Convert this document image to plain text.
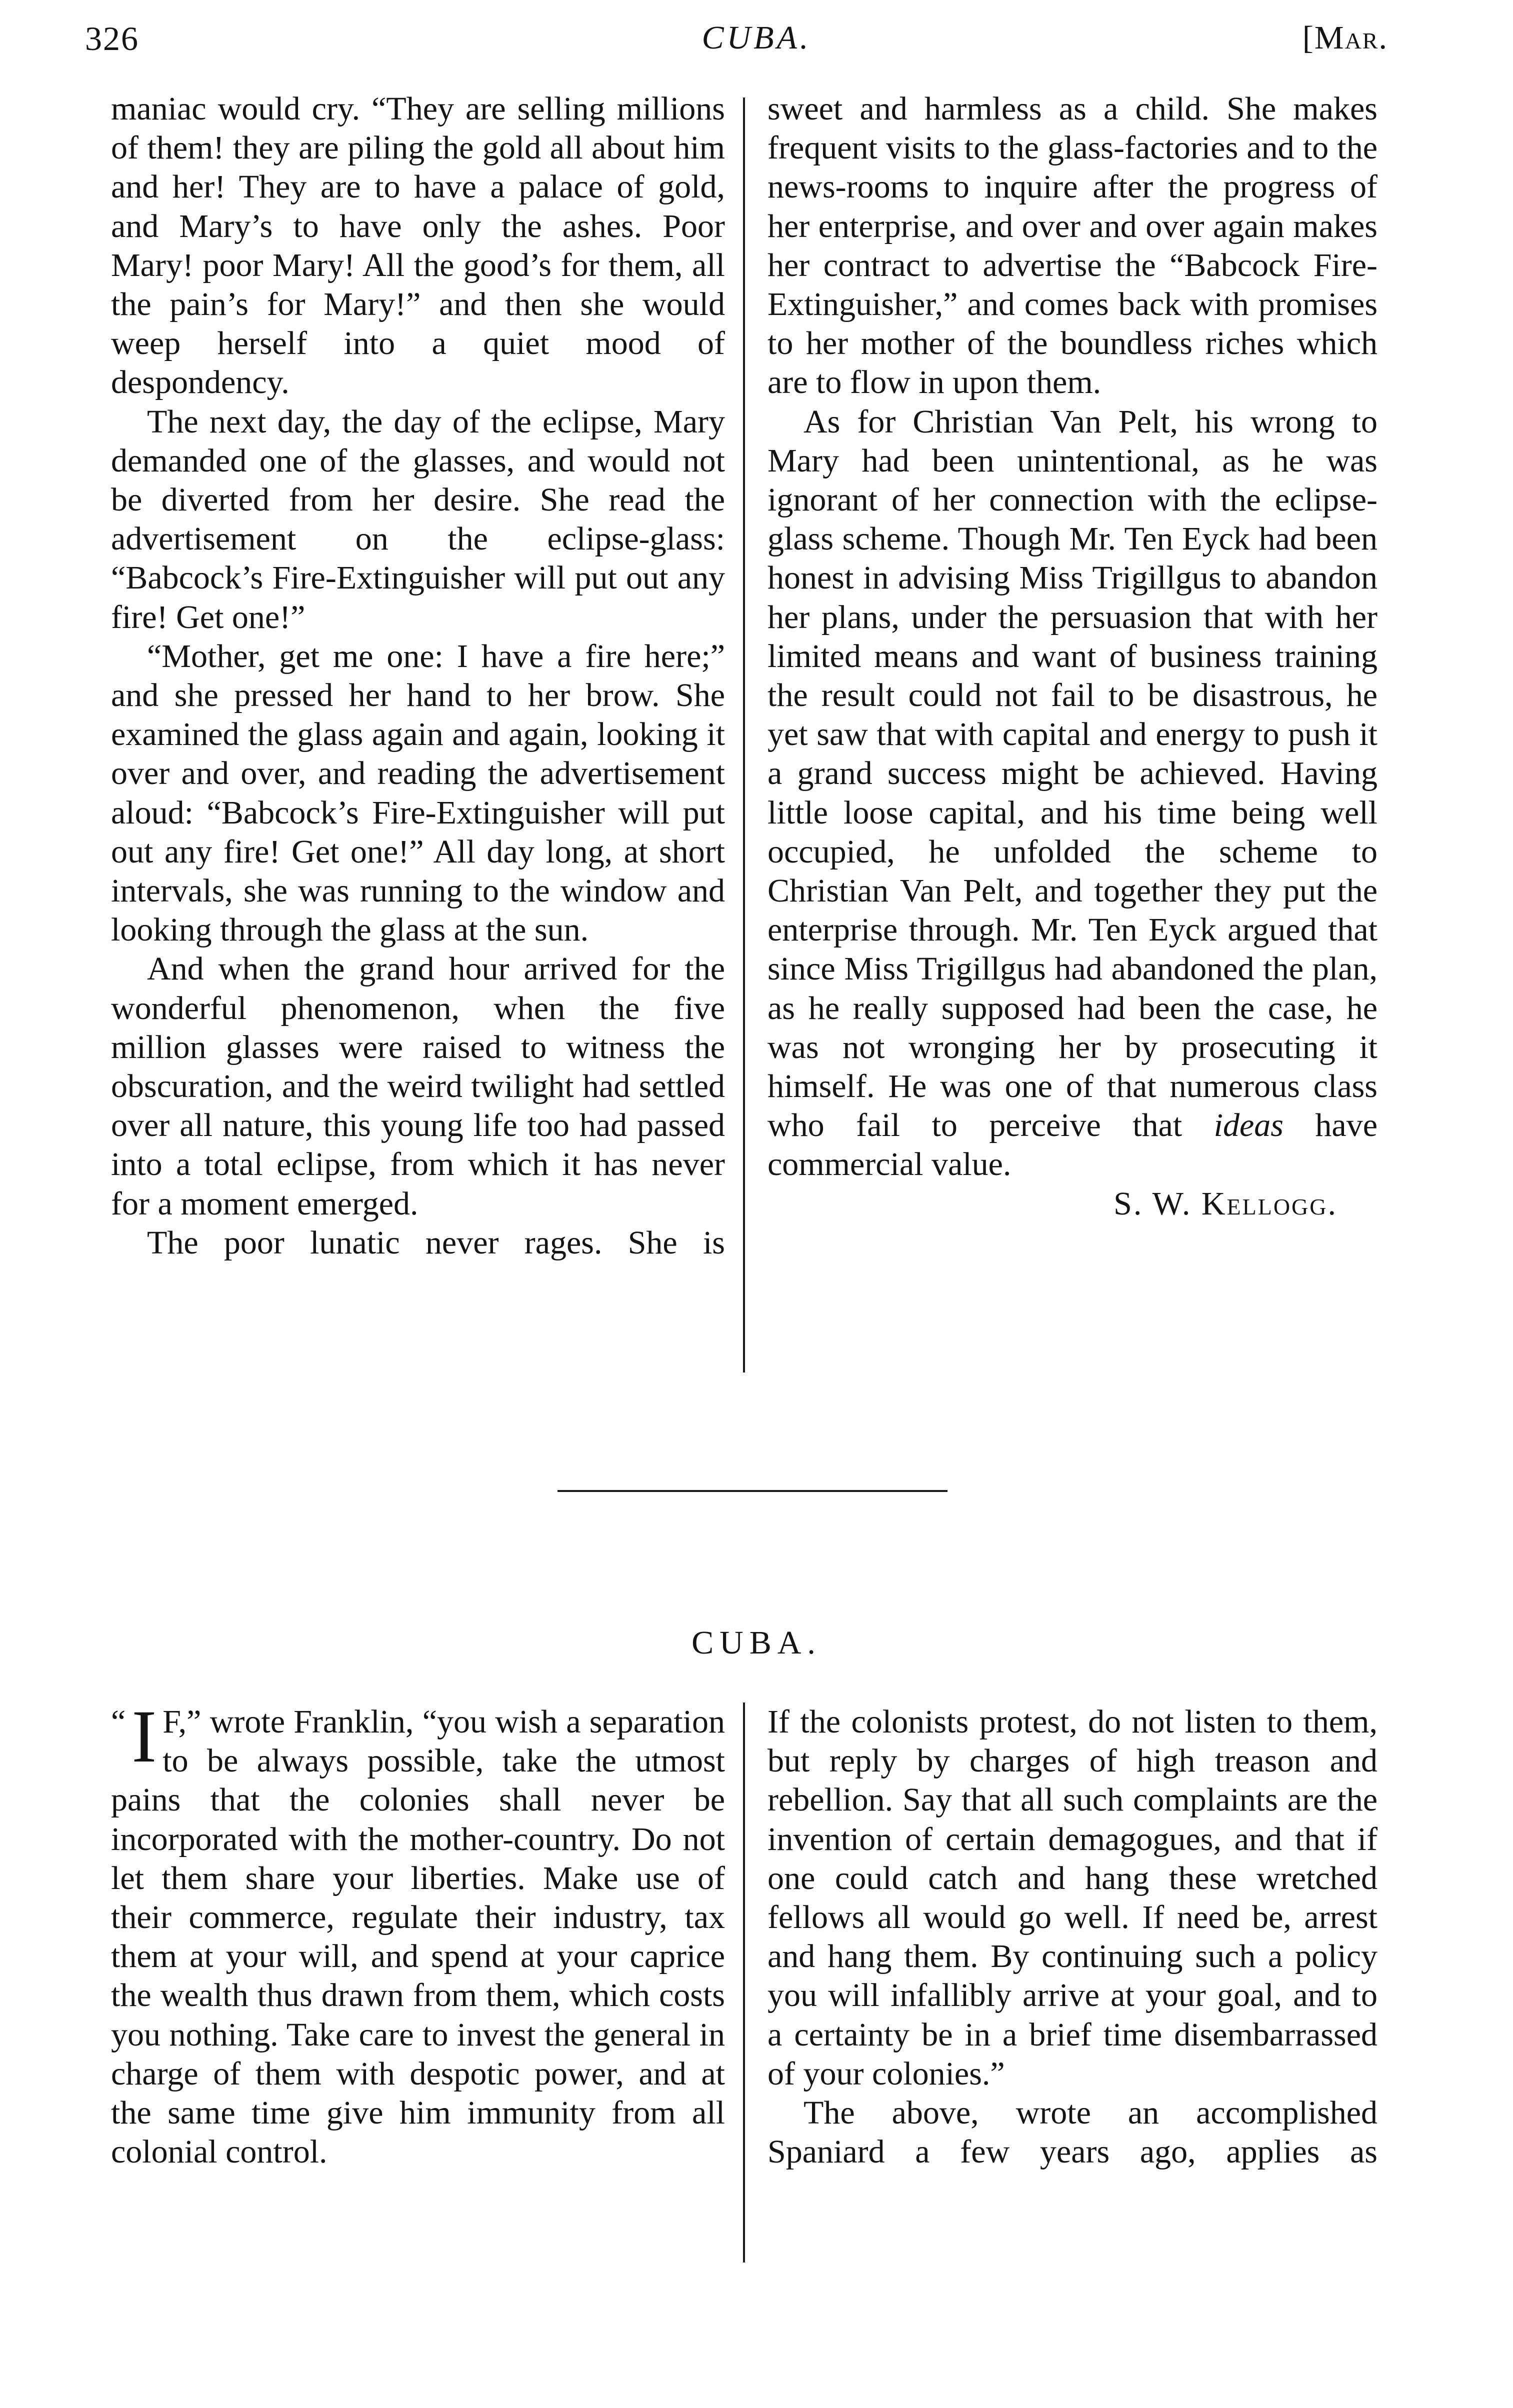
326	CUBA.	[Mar.

maniac would cry. “They are selling millions of them! they are piling the gold all about him and her! They are to have a palace of gold, and Mary’s to have only the ashes. Poor Mary! poor Mary! All the good’s for them, all the pain’s for Mary!” and then she would weep herself into a quiet mood of despondency.

The next day, the day of the eclipse, Mary demanded one of the glasses, and would not be diverted from her desire. She read the advertisement on the eclipse-glass: “Babcock’s Fire-Extinguisher will put out any fire! Get one!”

“Mother, get me one: I have a fire here;” and she pressed her hand to her brow. She examined the glass again and again, looking it over and over, and reading the advertisement aloud: “Babcock’s Fire-Extinguisher will put out any fire! Get one!” All day long, at short intervals, she was running to the window and looking through the glass at the sun.

And when the grand hour arrived for the wonderful phenomenon, when the five million glasses were raised to witness the obscuration, and the weird twilight had settled over all nature, this young life too had passed into a total eclipse, from which it has never for a moment emerged.

The poor lunatic never rages. She is

sweet and harmless as a child. She makes frequent visits to the glass-factories and to the news-rooms to inquire after the progress of her enterprise, and over and over again makes her contract to advertise the “Babcock Fire-Extinguisher,” and comes back with promises to her mother of the boundless riches which are to flow in upon them.

As for Christian Van Pelt, his wrong to Mary had been unintentional, as he was ignorant of her connection with the eclipse-glass scheme. Though Mr. Ten Eyck had been honest in advising Miss Trigillgus to abandon her plans, under the persuasion that with her limited means and want of business training the result could not fail to be disastrous, he yet saw that with capital and energy to push it a grand success might be achieved. Having little loose capital, and his time being well occupied, he unfolded the scheme to Christian Van Pelt, and together they put the enterprise through. Mr. Ten Eyck argued that since Miss Trigillgus had abandoned the plan, as he really supposed had been the case, he was not wronging her by prosecuting it himself. He was one of that numerous class who fail to perceive that ideas have commercial value.

S. W. Kellogg.

CUBA.

“ I F,” wrote Franklin, “you wish a separation to be always possible, take the utmost pains that the colonies shall never be incorporated with the mother-country. Do not let them share your liberties. Make use of their commerce, regulate their industry, tax them at your will, and spend at your caprice the wealth thus drawn from them, which costs you nothing. Take care to invest the general in charge of them with despotic power, and at the same time give him immunity from all colonial control.

If the colonists protest, do not listen to them, but reply by charges of high treason and rebellion. Say that all such complaints are the invention of certain demagogues, and that if one could catch and hang these wretched fellows all would go well. If need be, arrest and hang them. By continuing such a policy you will infallibly arrive at your goal, and to a certainty be in a brief time disembarrassed of your colonies.”

The above, wrote an accomplished Spaniard a few years ago, applies as
